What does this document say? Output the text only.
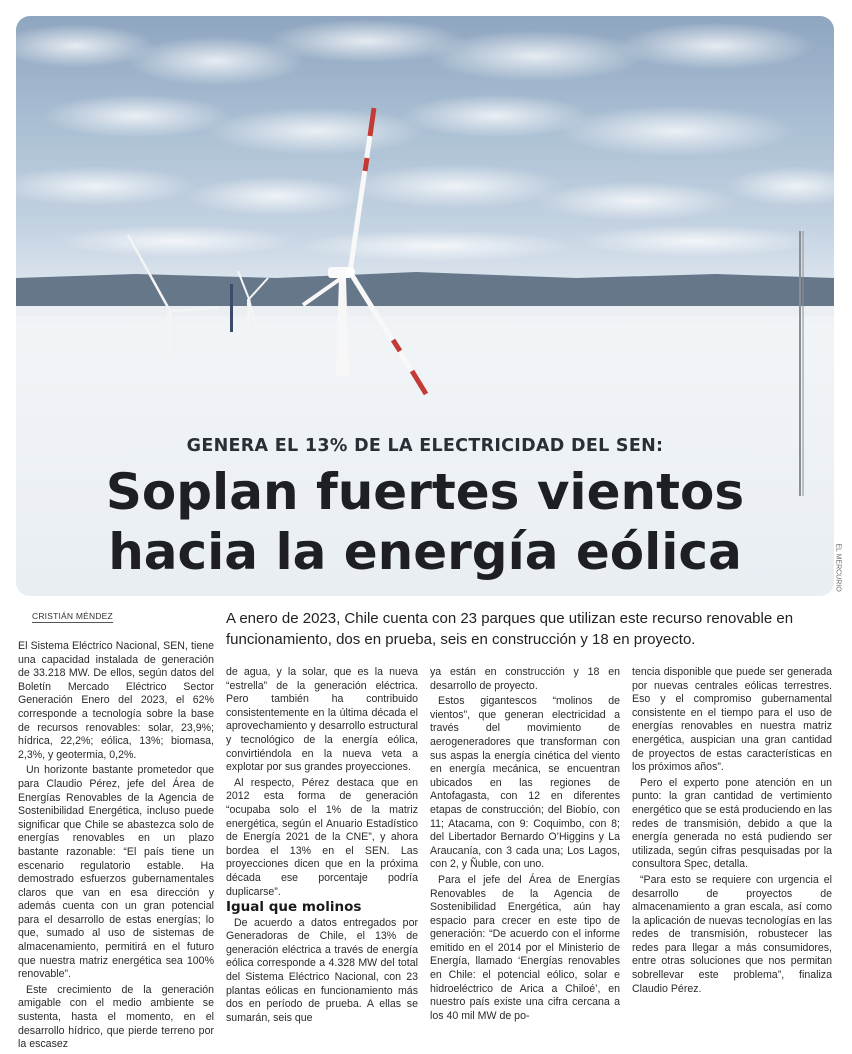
GENERA EL 13% DE LA ELECTRICIDAD DEL SEN:
Soplan fuertes vientos
hacia la energía eólica	EL MERCURIO
CRISTIÁN MÉNDEZ	A enero de 2023, Chile cuenta con 23 parques que utilizan este recurso renovable en funcionamiento, dos en prueba, seis en construcción y 18 en proyecto.

El Sistema Eléctrico Nacional, SEN, tiene una capacidad instalada de generación de 33.218 MW. De ellos, según datos del Boletín Mercado Eléctrico Sector Generación Enero del 2023, el 62% corresponde a tecnología sobre la base de recursos renovables: solar, 23,9%; hídrica, 22,2%; eólica, 13%; biomasa, 2,3%, y geotermia, 0,2%.

Un horizonte bastante prometedor que para Claudio Pérez, jefe del Área de Energías Renovables de la Agencia de Sostenibilidad Energética, incluso puede significar que Chile se abastezca solo de energías renovables en un plazo bastante razonable: “El país tiene un escenario regulatorio estable. Ha demostrado esfuerzos gubernamentales claros que van en esa dirección y además cuenta con un gran potencial para el desarrollo de estas energías; lo que, sumado al uso de sistemas de almacenamiento, permitirá en el futuro que nuestra matriz energética sea 100% renovable”.

Este crecimiento de la generación amigable con el medio ambiente se sustenta, hasta el momento, en el desarrollo hídrico, que pierde terreno por la escasez

de agua, y la solar, que es la nueva “estrella” de la generación eléctrica. Pero también ha contribuido consistentemente en la última década el aprovechamiento y desarrollo estructural y tecnológico de la energía eólica, convirtiéndola en la nueva veta a explotar por sus grandes proyecciones.

Al respecto, Pérez destaca que en 2012 esta forma de generación “ocupaba solo el 1% de la matriz energética, según el Anuario Estadístico de Energía 2021 de la CNE”, y ahora bordea el 13% en el SEN. Las proyecciones dicen que en la próxima década ese porcentaje podría duplicarse”.

Igual que molinos

De acuerdo a datos entregados por Generadoras de Chile, el 13% de generación eléctrica a través de energía eólica corresponde a 4.328 MW del total del Sistema Eléctrico Nacional, con 23 plantas eólicas en funcionamiento más dos en período de prueba. A ellas se sumarán, seis que

ya están en construcción y 18 en desarrollo de proyecto.

Estos gigantescos “molinos de vientos”, que generan electricidad a través del movimiento de aerogeneradores que transforman con sus aspas la energía cinética del viento en energía mecánica, se encuentran ubicados en las regiones de Antofagasta, con 12 en diferentes etapas de construcción; del Biobío, con 11; Atacama, con 9: Coquimbo, con 8; del Libertador Bernardo O’Higgins y La Araucanía, con 3 cada una; Los Lagos, con 2, y Ñuble, con uno.

Para el jefe del Área de Energías Renovables de la Agencia de Sostenibilidad Energética, aún hay espacio para crecer en este tipo de generación: “De acuerdo con el informe emitido en el 2014 por el Ministerio de Energía, llamado ‘Energías renovables en Chile: el potencial eólico, solar e hidroeléctrico de Arica a Chiloé’, en nuestro país existe una cifra cercana a los 40 mil MW de po-

tencia disponible que puede ser generada por nuevas centrales eólicas terrestres. Eso y el compromiso gubernamental consistente en el tiempo para el uso de energías renovables en nuestra matriz energética, auspician una gran cantidad de proyectos de estas características en los próximos años”.

Pero el experto pone atención en un punto: la gran cantidad de vertimiento energético que se está produciendo en las redes de transmisión, debido a que la energía generada no está pudiendo ser utilizada, según cifras pesquisadas por la consultora Spec, detalla.

“Para esto se requiere con urgencia el desarrollo de proyectos de almacenamiento a gran escala, así como la aplicación de nuevas tecnologías en las redes de transmisión, robustecer las redes para llegar a más consumidores, entre otras soluciones que nos permitan sobrellevar este problema”, finaliza Claudio Pérez.
